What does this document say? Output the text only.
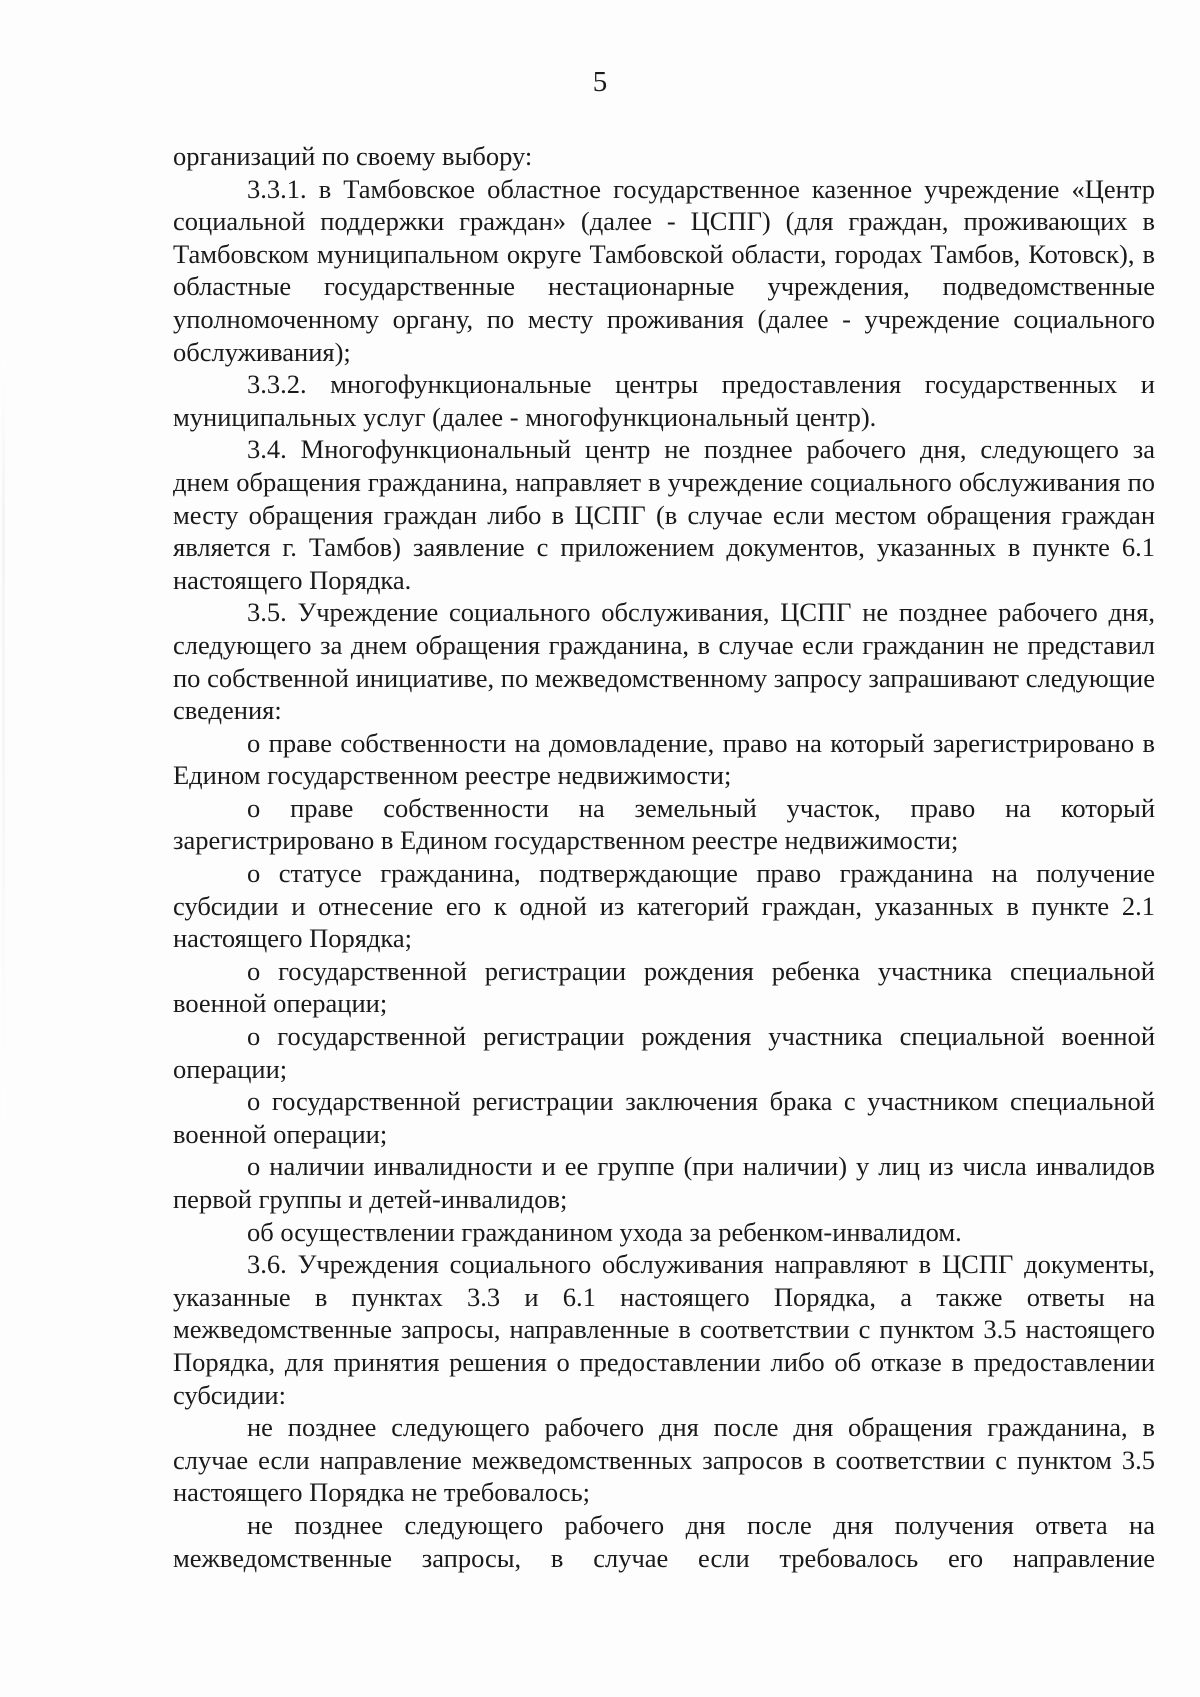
5

организаций по своему выбору:

3.3.1. в Тамбовское областное государственное казенное учреждение «Центр социальной поддержки граждан» (далее - ЦСПГ) (для граждан, проживающих в Тамбовском муниципальном округе Тамбовской области, городах Тамбов, Котовск), в областные государственные нестационарные учреждения, подведомственные уполномоченному органу, по месту проживания (далее - учреждение социального обслуживания);

3.3.2. многофункциональные центры предоставления государственных и муниципальных услуг (далее - многофункциональный центр).

3.4. Многофункциональный центр не позднее рабочего дня, следующего за днем обращения гражданина, направляет в учреждение социального обслуживания по месту обращения граждан либо в ЦСПГ (в случае если местом обращения граждан является г. Тамбов) заявление с приложением документов, указанных в пункте 6.1 настоящего Порядка.

3.5. Учреждение социального обслуживания, ЦСПГ не позднее рабочего дня, следующего за днем обращения гражданина, в случае если гражданин не представил по собственной инициативе, по межведомственному запросу запрашивают следующие сведения:

о праве собственности на домовладение, право на который зарегистрировано в Едином государственном реестре недвижимости;

о праве собственности на земельный участок, право на который зарегистрировано в Едином государственном реестре недвижимости;

о статусе гражданина, подтверждающие право гражданина на получение субсидии и отнесение его к одной из категорий граждан, указанных в пункте 2.1 настоящего Порядка;

о государственной регистрации рождения ребенка участника специальной военной операции;

о государственной регистрации рождения участника специальной военной операции;

о государственной регистрации заключения брака с участником специальной военной операции;

о наличии инвалидности и ее группе (при наличии) у лиц из числа инвалидов первой группы и детей-инвалидов;

об осуществлении гражданином ухода за ребенком-инвалидом.

3.6. Учреждения социального обслуживания направляют в ЦСПГ документы, указанные в пунктах 3.3 и 6.1 настоящего Порядка, а также ответы на межведомственные запросы, направленные в соответствии с пунктом 3.5 настоящего Порядка, для принятия решения о предоставлении либо об отказе в предоставлении субсидии:

не позднее следующего рабочего дня после дня обращения гражданина, в случае если направление межведомственных запросов в соответствии с пунктом 3.5 настоящего Порядка не требовалось;

не позднее следующего рабочего дня после дня получения ответа на межведомственные запросы, в случае если требовалось его направление
